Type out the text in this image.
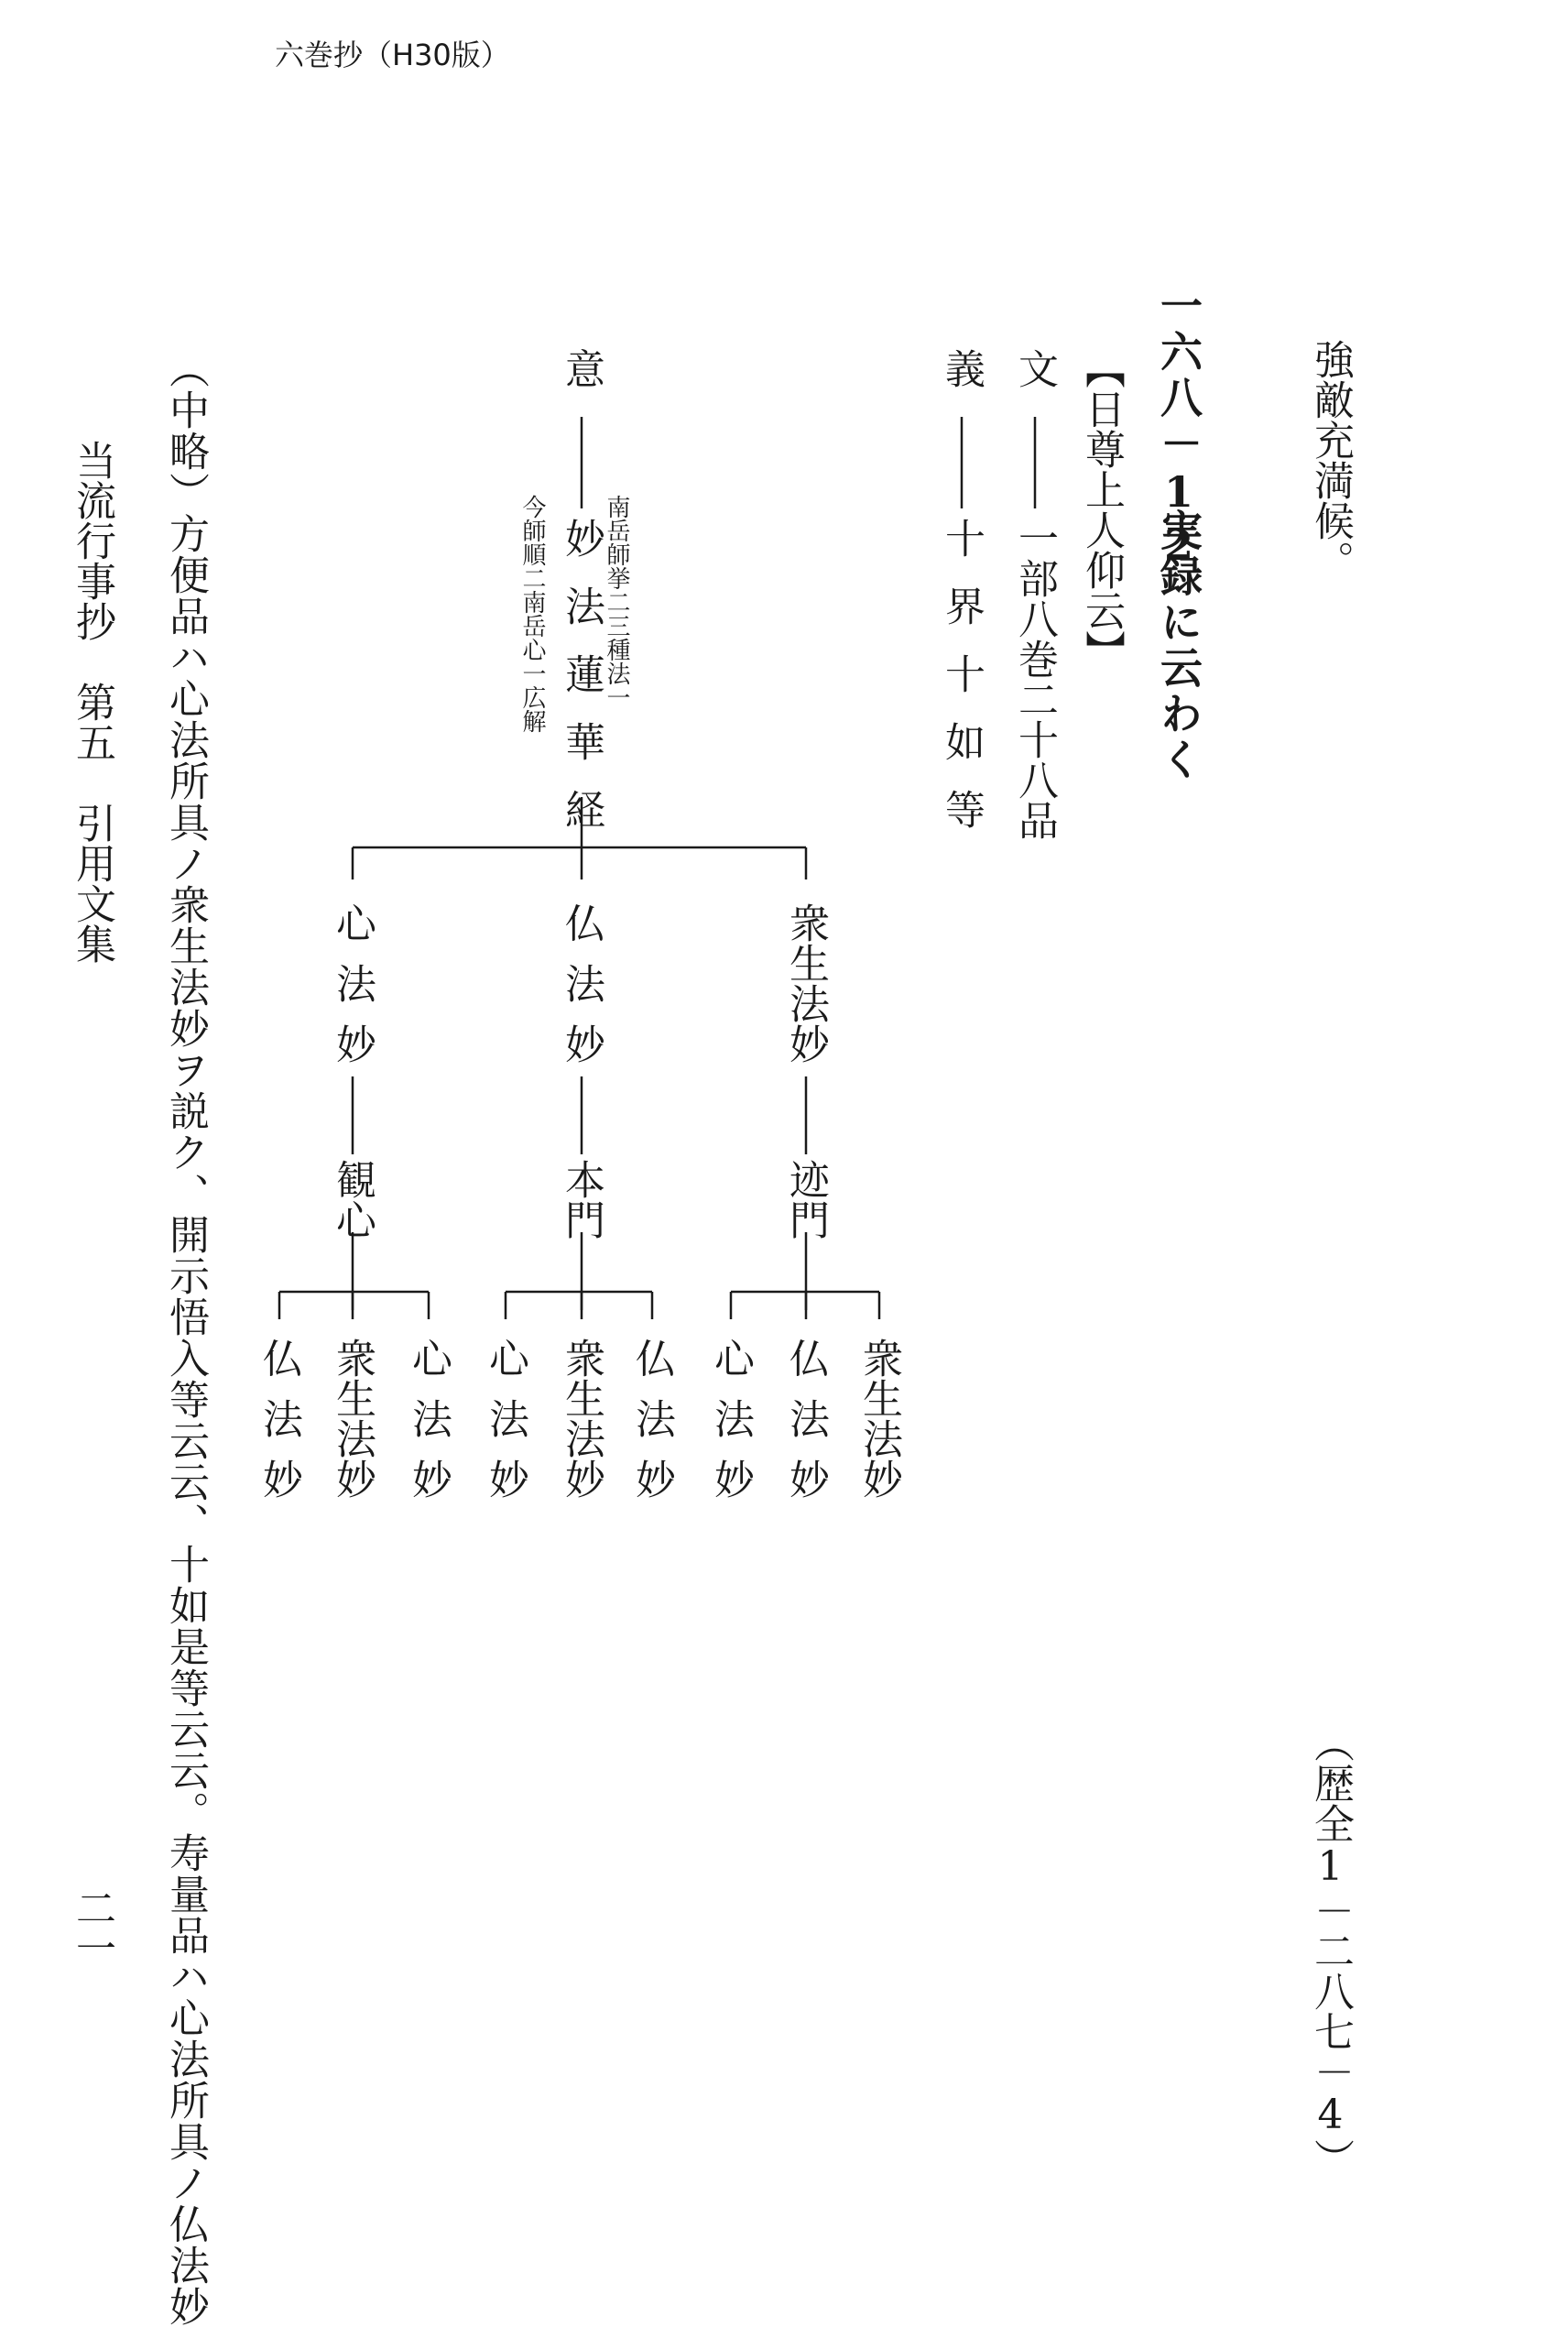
六巻抄（H30版）
強敵充満候。
（歴全1－二八七－4）
一六八－12
実録に云わく
【日尊上人仰云】
文
一部八巻二十八品
義
十界十如等
意
妙法蓮華経
南岳師挙二三種法一
今師順二南岳心一広解
衆生法妙
迹門
衆生法妙
仏法妙
心法妙
仏法妙
本門
仏法妙
衆生法妙
心法妙
心法妙
観心
心法妙
衆生法妙
仏法妙
（中略）方便品ハ心法所具ノ衆生法妙ヲ説ク、開示悟入等云云、十如是等云云。寿量品ハ心法所具ノ仏法妙
当流行事抄　第五　引用文集
二一
